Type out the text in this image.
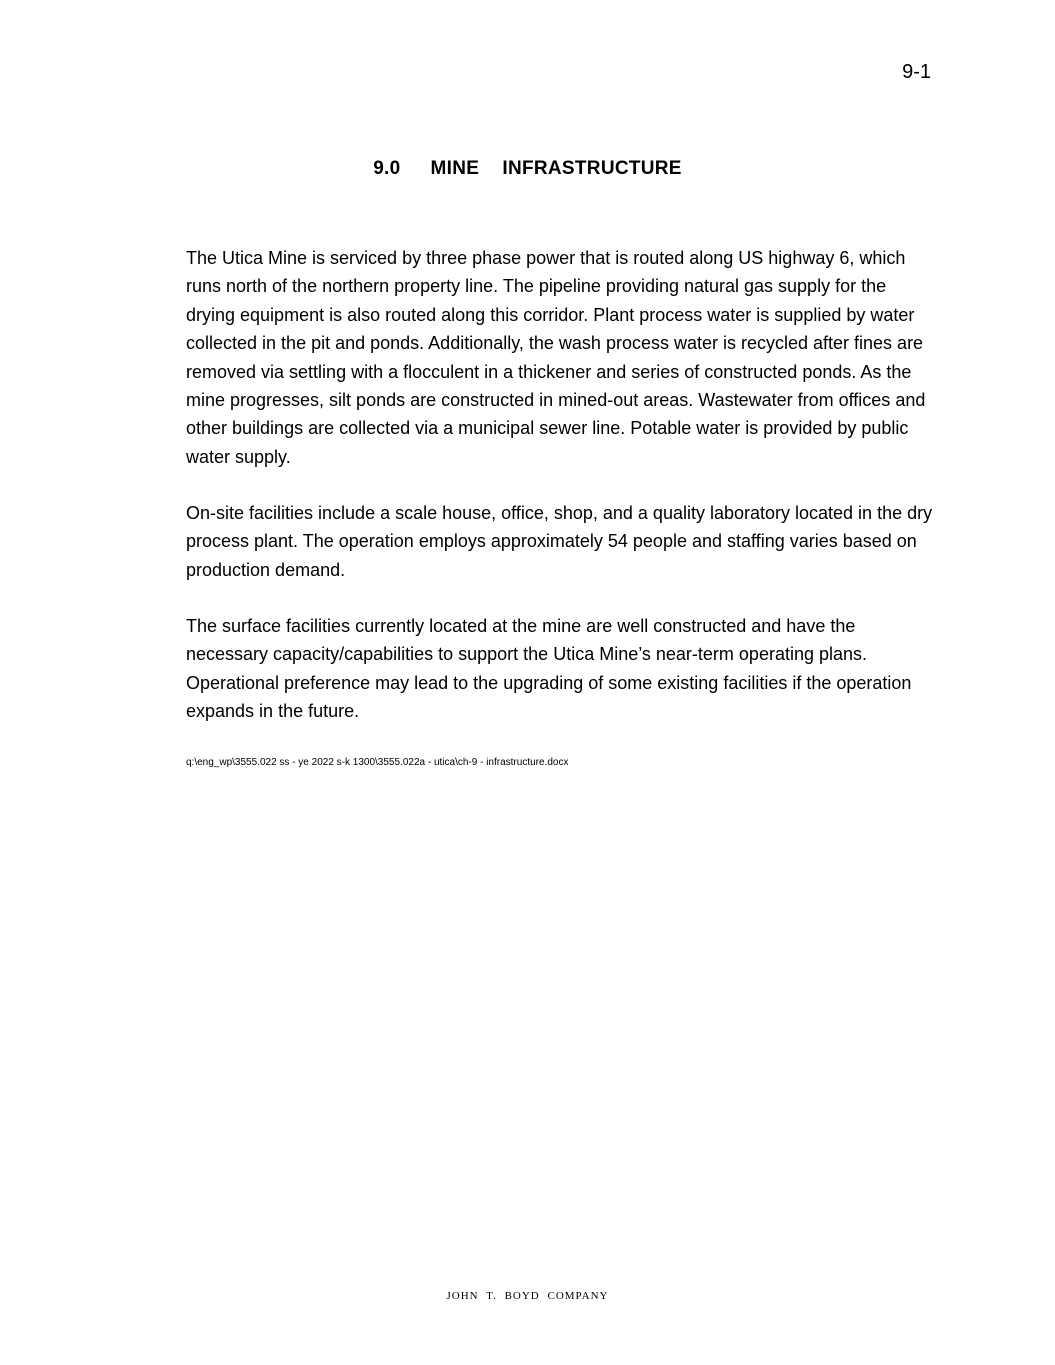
9-1
9.0 MINE  INFRASTRUCTURE

The Utica Mine is serviced by three phase power that is routed along US highway 6, which runs north of the northern property line. The pipeline providing natural gas supply for the drying equipment is also routed along this corridor. Plant process water is supplied by water collected in the pit and ponds. Additionally, the wash process water is recycled after fines are removed via settling with a flocculent in a thickener and series of constructed ponds. As the mine progresses, silt ponds are constructed in mined-out areas. Wastewater from offices and other buildings are collected via a municipal sewer line. Potable water is provided by public water supply.

On-site facilities include a scale house, office, shop, and a quality laboratory located in the dry process plant. The operation employs approximately 54 people and staffing varies based on production demand.

The surface facilities currently located at the mine are well constructed and have the necessary capacity/capabilities to support the Utica Mine’s near-term operating plans. Operational preference may lead to the upgrading of some existing facilities if the operation expands in the future.

q:\eng_wp\3555.022 ss - ye 2022 s-k 1300\3555.022a - utica\ch-9 - infrastructure.docx
JOHN T. BOYD COMPANY
